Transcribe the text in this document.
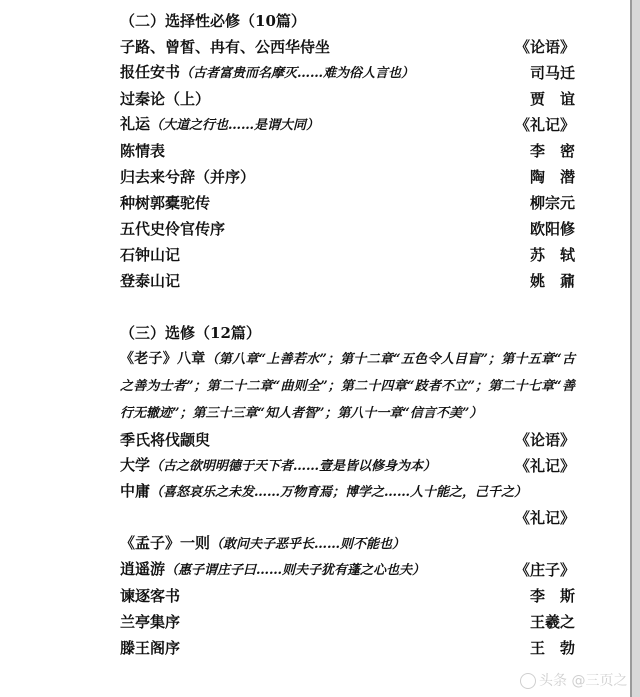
（二）选择性必修（10篇）
子路、曾皙、冉有、公西华侍坐	《论语》
报任安书（古者富贵而名摩灭……难为俗人言也）	司马迁
过秦论（上）	贾　谊
礼运（大道之行也……是谓大同）	《礼记》
陈情表	李　密
归去来兮辞（并序）	陶　潜
种树郭橐驼传	柳宗元
五代史伶官传序	欧阳修
石钟山记	苏　轼
登泰山记	姚　鼐
（三）选修（12篇）
《老子》八章（第八章“上善若水”；第十二章“五色令人目盲”；第十五章“古之善为士者”；第二十二章“曲则全”；第二十四章“跂者不立”；第二十七章“善行无辙迹”；第三十三章“知人者智”；第八十一章“信言不美”）
季氏将伐颛臾	《论语》
大学（古之欲明明德于天下者……壹是皆以修身为本）	《礼记》
中庸（喜怒哀乐之未发……万物育焉；博学之……人十能之，己千之）
《礼记》
《孟子》一则（敢问夫子恶乎长……则不能也）
逍遥游（惠子谓庄子曰……则夫子犹有蓬之心也夫）	《庄子》
谏逐客书	李　斯
兰亭集序	王羲之
滕王阁序	王　勃
头条 @三页之
